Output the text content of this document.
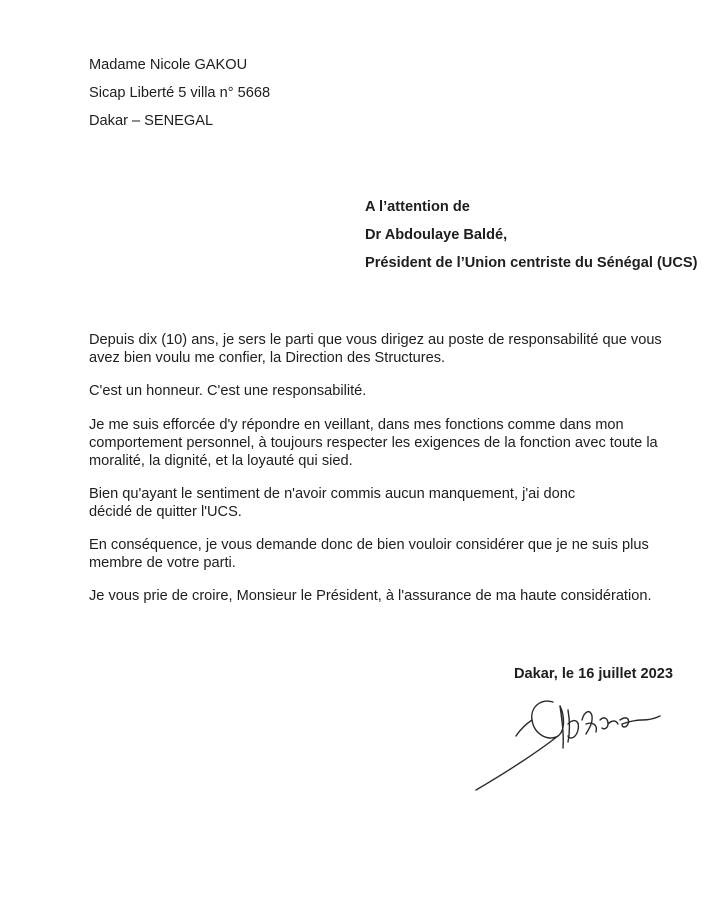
Madame Nicole GAKOU
Sicap Liberté 5 villa n° 5668
Dakar – SENEGAL
A l’attention de
Dr Abdoulaye Baldé,
Président de l’Union centriste du Sénégal (UCS)

Depuis dix (10) ans, je sers le parti que vous dirigez au poste de responsabilité que vous avez bien voulu me confier, la Direction des Structures.

C'est un honneur. C'est une responsabilité.

Je me suis efforcée d'y répondre en veillant, dans mes fonctions comme dans mon comportement personnel, à toujours respecter les exigences de la fonction avec toute la moralité, la dignité, et la loyauté qui sied.

Bien qu'ayant le sentiment de n'avoir commis aucun manquement, j'ai donc
décidé de quitter l'UCS.

En conséquence, je vous demande donc de bien vouloir considérer que je ne suis plus membre de votre parti.

Je vous prie de croire, Monsieur le Président, à l'assurance de ma haute considération.

Dakar, le 16 juillet 2023
